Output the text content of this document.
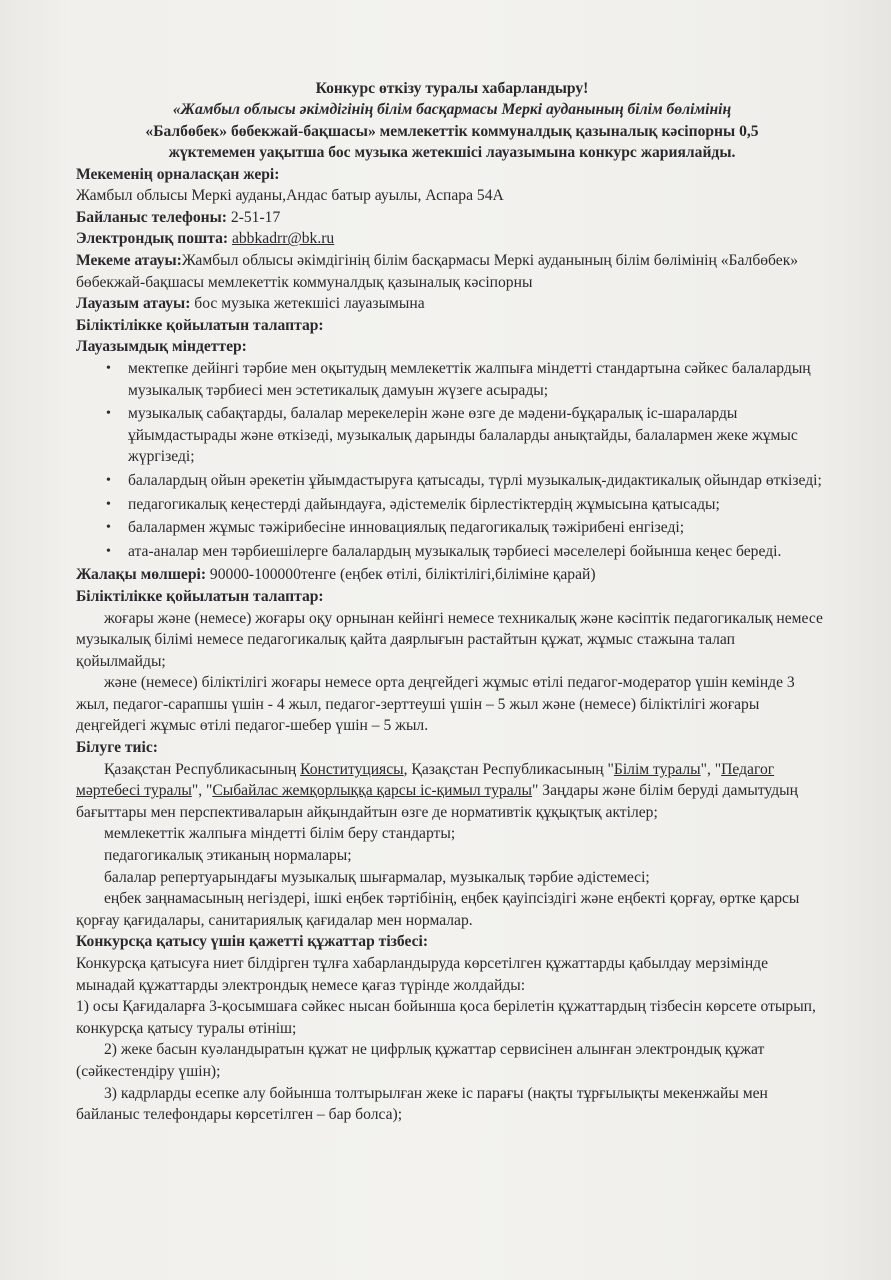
Конкурс өткізу туралы хабарландыру!
«Жамбыл облысы әкімдігінің білім басқармасы Меркі ауданының білім бөлімінің
«Балбөбек» бөбекжай-бақшасы» мемлекеттік коммуналдық қазыналық кәсіпорны 0,5
жүктемемен уақытша бос музыка жетекшісі лауазымына конкурс жариялайды.

Мекеменің орналасқан жері:

Жамбыл облысы Меркі ауданы,Андас батыр ауылы, Аспара 54А

Байланыс телефоны: 2-51-17

Электрондық пошта: abbkadrr@bk.ru

Мекеме атауы:Жамбыл облысы әкімдігінің білім басқармасы Меркі ауданының білім бөлімінің «Балбөбек» бөбекжай-бақшасы мемлекеттік коммуналдық қазыналық кәсіпорны

Лауазым атауы: бос музыка жетекшісі лауазымына

Біліктілікке қойылатын талаптар:

Лауазымдық міндеттер:

• мектепке дейінгі тәрбие мен оқытудың мемлекеттік жалпыға міндетті стандартына сәйкес балалардың музыкалық тәрбиесі мен эстетикалық дамуын жүзеге асырады;
• музыкалық сабақтарды, балалар мерекелерін және өзге де мәдени-бұқаралық іс-шараларды ұйымдастырады және өткізеді, музыкалық дарынды балаларды анықтайды, балалармен жеке жұмыс жүргізеді;
• балалардың ойын әрекетін ұйымдастыруға қатысады, түрлі музыкалық-дидактикалық ойындар өткізеді;
• педагогикалық кеңестерді дайындауға, әдістемелік бірлестіктердің жұмысына қатысады;
• балалармен жұмыс тәжірибесіне инновациялық педагогикалық тәжірибені енгізеді;
• ата-аналар мен тәрбиешілерге балалардың музыкалық тәрбиесі мәселелері бойынша кеңес береді.

Жалақы мөлшері: 90000-100000тенге (еңбек өтілі, біліктілігі,біліміне қарай)

Біліктілікке қойылатын талаптар:

жоғары және (немесе) жоғары оқу орнынан кейінгі немесе техникалық және кәсіптік педагогикалық немесе музыкалық білімі немесе педагогикалық қайта даярлығын растайтын құжат, жұмыс стажына талап қойылмайды;

және (немесе) біліктілігі жоғары немесе орта деңгейдегі жұмыс өтілі педагог-модератор үшін кемінде 3 жыл, педагог-сарапшы үшін - 4 жыл, педагог-зерттеуші үшін – 5 жыл және (немесе) біліктілігі жоғары деңгейдегі жұмыс өтілі педагог-шебер үшін – 5 жыл.

Білуге тиіс:

Қазақстан Республикасының Конституциясы, Қазақстан Республикасының "Білім туралы", "Педагог мәртебесі туралы", "Сыбайлас жемқорлыққа қарсы іс-қимыл туралы" Заңдары және білім беруді дамытудың бағыттары мен перспективаларын айқындайтын өзге де нормативтік құқықтық актілер;

мемлекеттік жалпыға міндетті білім беру стандарты;

педагогикалық этиканың нормалары;

балалар репертуарындағы музыкалық шығармалар, музыкалық тәрбие әдістемесі;

еңбек заңнамасының негіздері, ішкі еңбек тәртібінің, еңбек қауіпсіздігі және еңбекті қорғау, өртке қарсы қорғау қағидалары, санитариялық қағидалар мен нормалар.

Конкурсқа қатысу үшін қажетті құжаттар тізбесі:

Конкурсқа қатысуға ниет білдірген тұлға хабарландыруда көрсетілген құжаттарды қабылдау мерзімінде мынадай құжаттарды электрондық немесе қағаз түрінде жолдайды:

1) осы Қағидаларға 3-қосымшаға сәйкес нысан бойынша қоса берілетін құжаттардың тізбесін көрсете отырып, конкурсқа қатысу туралы өтініш;

2) жеке басын куәландыратын құжат не цифрлық құжаттар сервисінен алынған электрондық құжат (сәйкестендіру үшін);

3) кадрларды есепке алу бойынша толтырылған жеке іс парағы (нақты тұрғылықты мекенжайы мен байланыс телефондары көрсетілген – бар болса);
